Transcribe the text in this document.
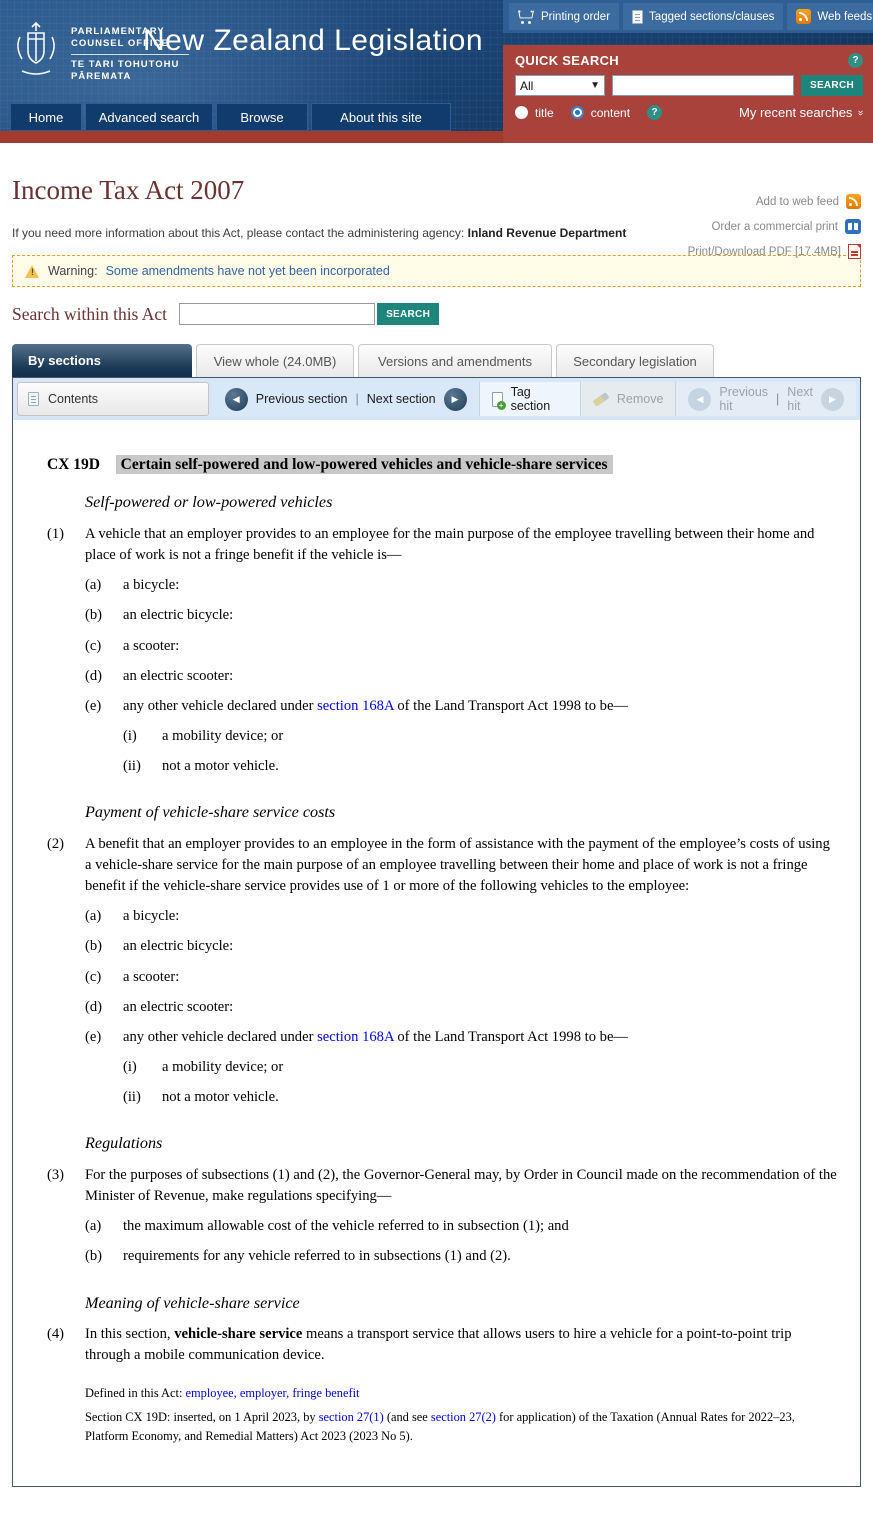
Printing order	Tagged sections/clauses	Web feeds
PARLIAMENTARY COUNSEL OFFICE
TE TARI TOHUTOHU PĀREMATA
New Zealand Legislation
Home	Advanced search	Browse	About this site
QUICK SEARCH	?
All	▼	SEARCH
title	content	?	My recent searches »
Add to web feed
Order a commercial print
Print/Download PDF [17.4MB]
Income Tax Act 2007

If you need more information about this Act, please contact the administering agency: Inland Revenue Department

!
Warning: Some amendments have not yet been incorporated
Search within this Act	SEARCH
By sections	View whole (24.0MB)	Versions and amendments	Secondary legislation
Contents	◀	Previous section | Next section	▶ +	Tag section	Remove	◀	Previous hit	| Next hit
▶
CX 19D Certain self-powered and low-powered vehicles and vehicle-share services
Self-powered or low-powered vehicles
(1)	A vehicle that an employer provides to an employee for the main purpose of the employee travelling between their home and place of work is not a fringe benefit if the vehicle is—

(a)	a bicycle:
(b)	an electric bicycle:
(c)	a scooter:
(d)	an electric scooter:
(e)	any other vehicle declared under section 168A of the Land Transport Act 1998 to be—
(i)	a mobility device; or
(ii)	not a motor vehicle.
Payment of vehicle-share service costs
(2)	A benefit that an employer provides to an employee in the form of assistance with the payment of the employee’s costs of using a vehicle-share service for the main purpose of an employee travelling between their home and place of work is not a fringe benefit if the vehicle-share service provides use of 1 or more of the following vehicles to the employee:

(a)	a bicycle:
(b)	an electric bicycle:
(c)	a scooter:
(d)	an electric scooter:
(e)	any other vehicle declared under section 168A of the Land Transport Act 1998 to be—
(i)	a mobility device; or
(ii)	not a motor vehicle.
Regulations
(3)	For the purposes of subsections (1) and (2), the Governor-General may, by Order in Council made on the recommendation of the Minister of Revenue, make regulations specifying—

(a)	the maximum allowable cost of the vehicle referred to in subsection (1); and
(b)	requirements for any vehicle referred to in subsections (1) and (2).
Meaning of vehicle-share service
(4)	In this section, vehicle-share service means a transport service that allows users to hire a vehicle for a point-to-point trip through a mobile communication device.

Defined in this Act: employee, employer, fringe benefit

Section CX 19D: inserted, on 1 April 2023, by section 27(1) (and see section 27(2) for application) of the Taxation (Annual Rates for 2022–23, Platform Economy, and Remedial Matters) Act 2023 (2023 No 5).
